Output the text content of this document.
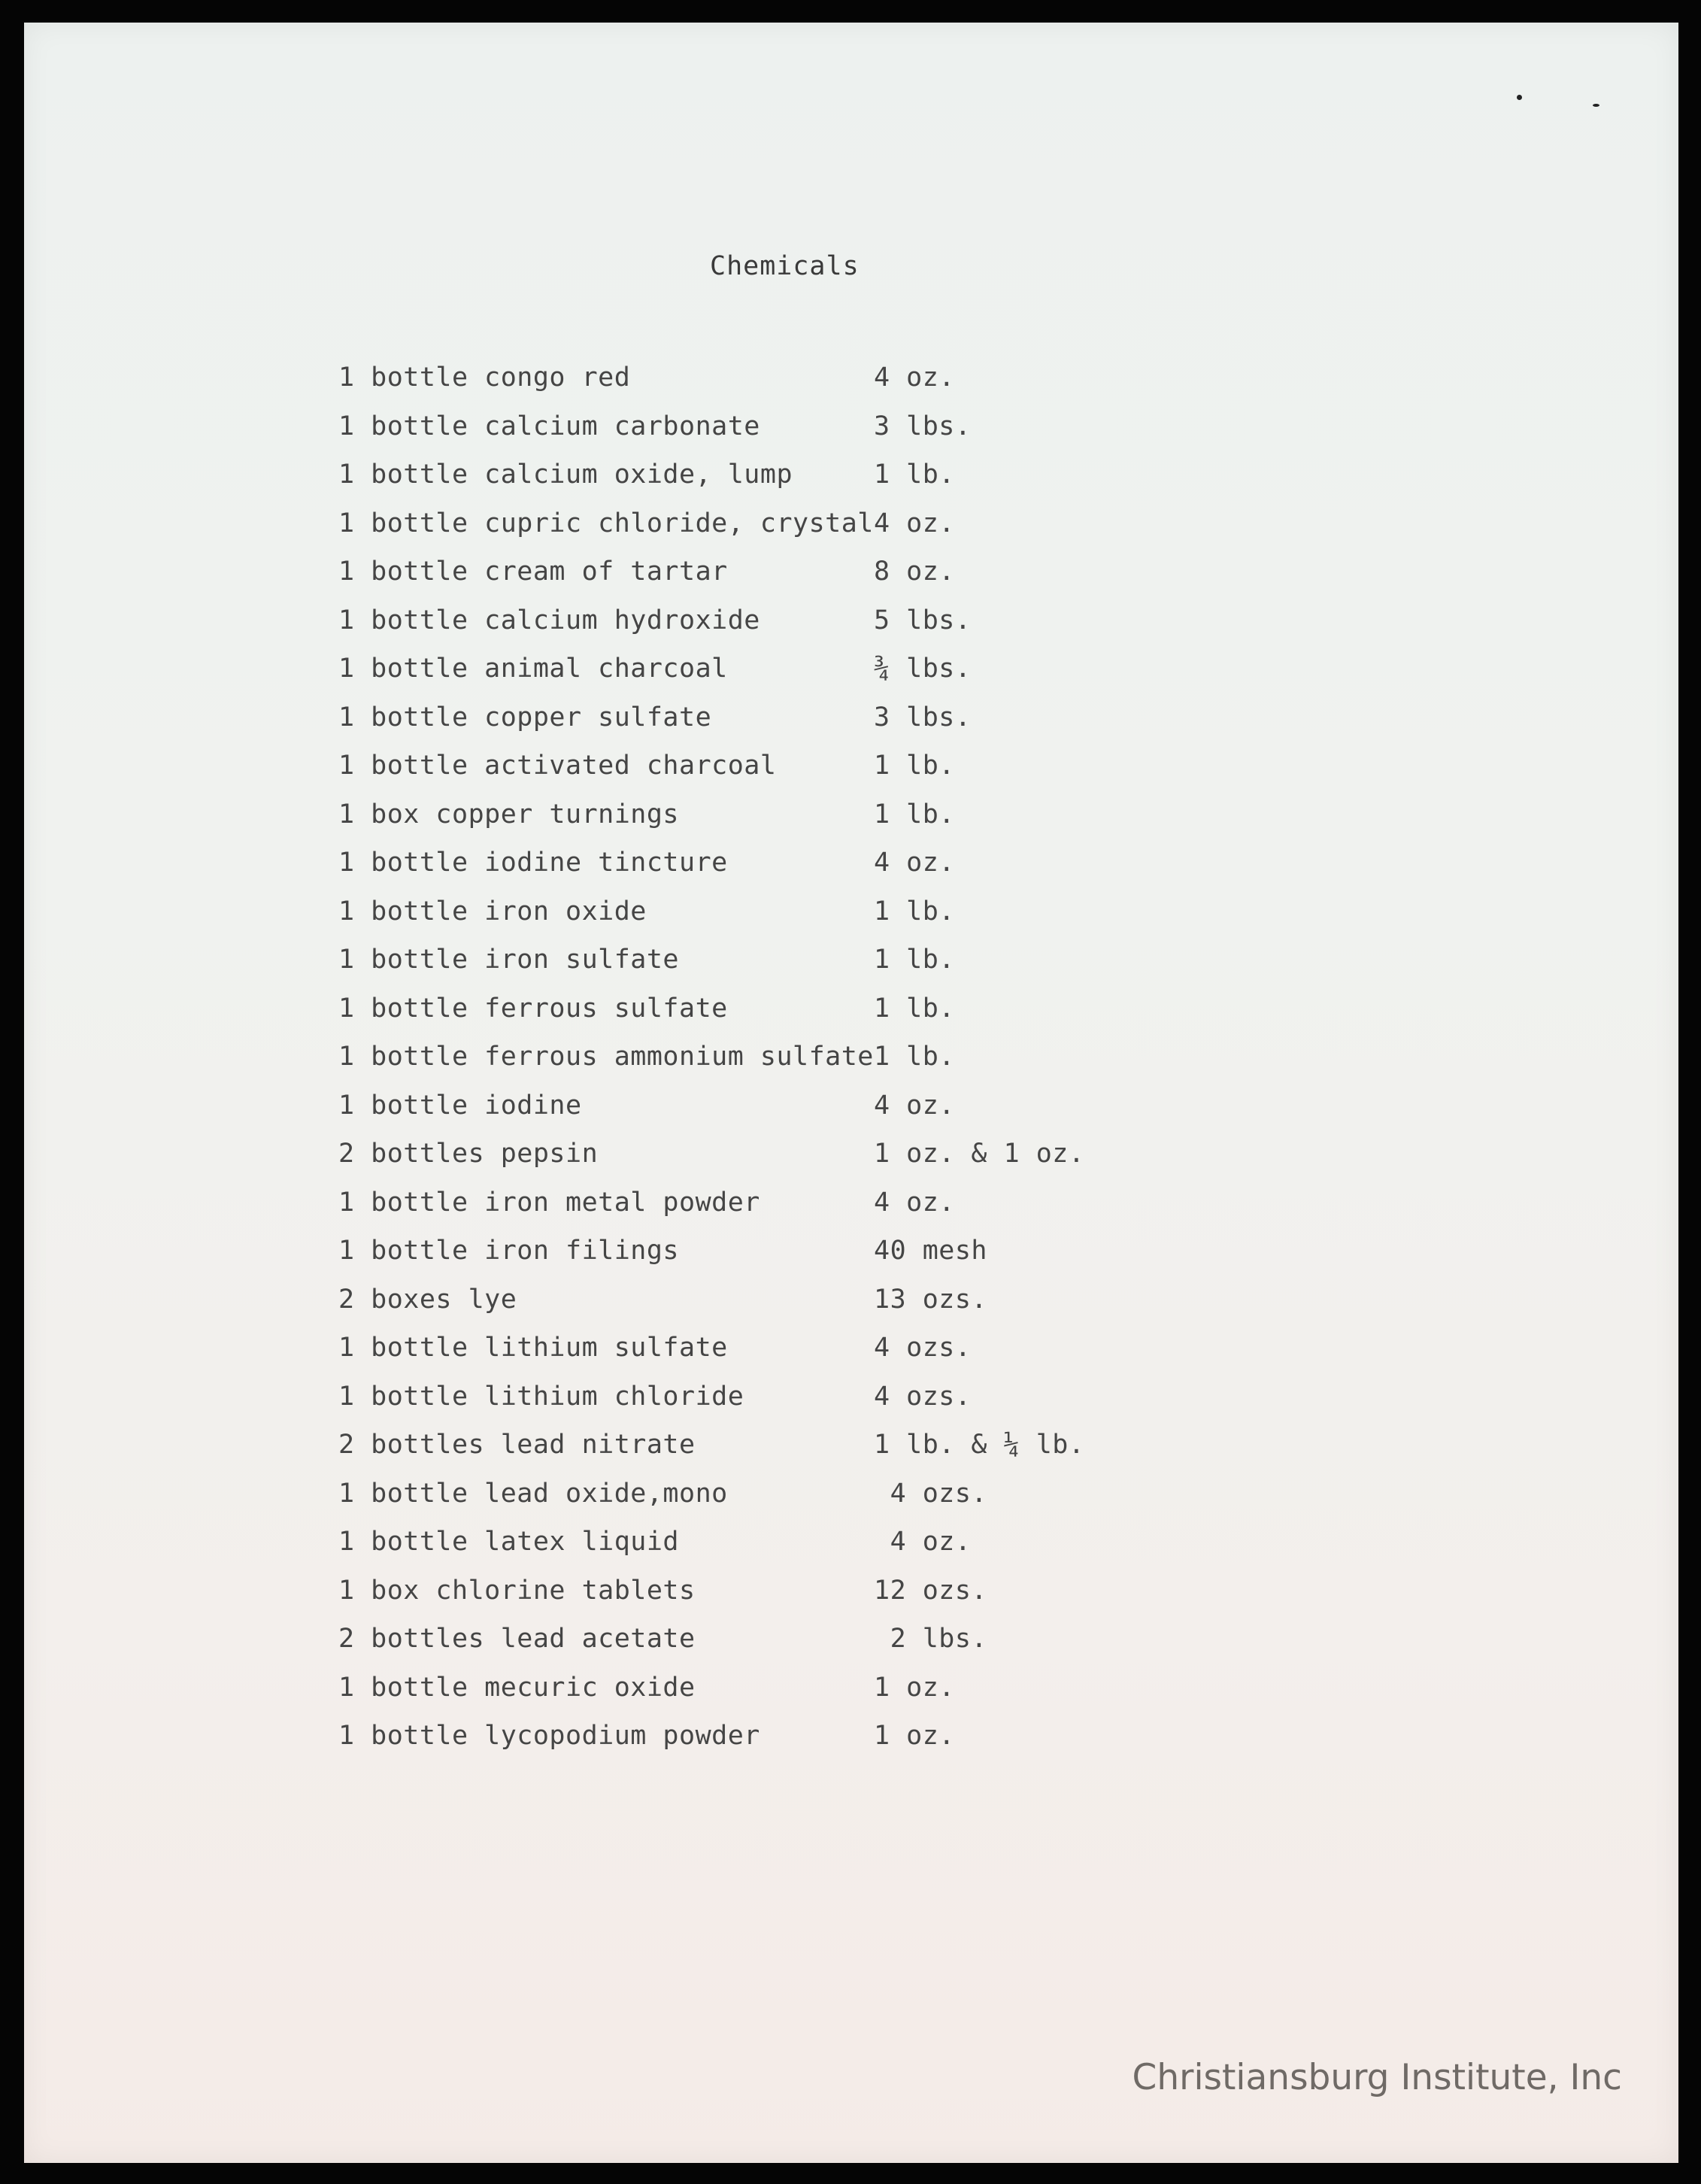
Chemicals
1 bottle congo red	4 oz.
1 bottle calcium carbonate	3 lbs.
1 bottle calcium oxide, lump	1 lb.
1 bottle cupric chloride, crystal 4 oz.
1 bottle cream of tartar	8 oz.
1 bottle calcium hydroxide	5 lbs.
1 bottle animal charcoal	¾ lbs.
1 bottle copper sulfate	3 lbs.
1 bottle activated charcoal	1 lb.
1 box copper turnings	1 lb.
1 bottle iodine tincture	4 oz.
1 bottle iron oxide	1 lb.
1 bottle iron sulfate	1 lb.
1 bottle ferrous sulfate	1 lb.
1 bottle ferrous ammonium sulfate 1 lb.
1 bottle iodine	4 oz.
2 bottles pepsin	1 oz. & 1 oz.
1 bottle iron metal powder	4 oz.
1 bottle iron filings	40 mesh
2 boxes lye	13 ozs.
1 bottle lithium sulfate	4 ozs.
1 bottle lithium chloride	4 ozs.
2 bottles lead nitrate	1 lb. & ¼ lb.
1 bottle lead oxide,mono	4 ozs.
1 bottle latex liquid	4 oz.
1 box chlorine tablets	12 ozs.
2 bottles lead acetate	2 lbs.
1 bottle mecuric oxide	1 oz.
1 bottle lycopodium powder	1 oz.
Christiansburg Institute, Inc
